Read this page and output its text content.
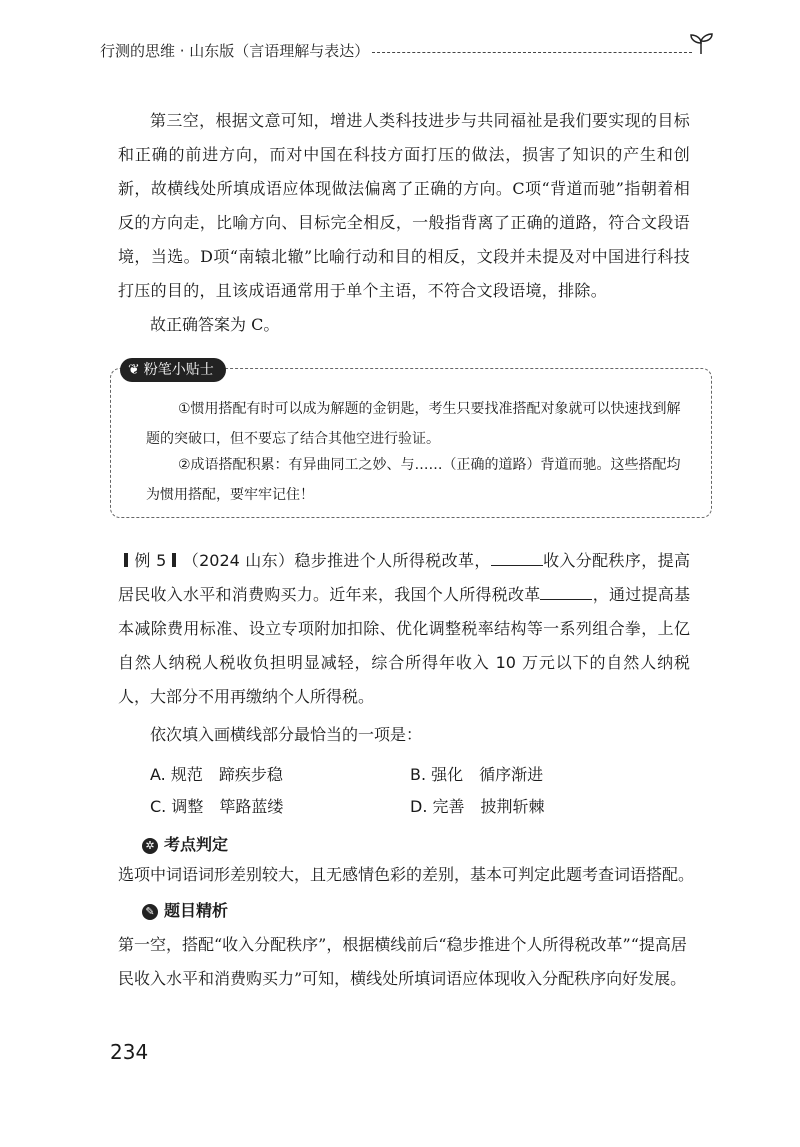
行测的思维 · 山东版（言语理解与表达）
第三空，根据文意可知，增进人类科技进步与共同福祉是我们要实现的目标和正确的前进方向，而对中国在科技方面打压的做法，损害了知识的产生和创新，故横线处所填成语应体现做法偏离了正确的方向。C项“背道而驰”指朝着相反的方向走，比喻方向、目标完全相反，一般指背离了正确的道路，符合文段语境，当选。D项“南辕北辙”比喻行动和目的相反，文段并未提及对中国进行科技打压的目的，且该成语通常用于单个主语，不符合文段语境，排除。
故正确答案为 C。
❦ 粉笔小贴士
①惯用搭配有时可以成为解题的金钥匙，考生只要找准搭配对象就可以快速找到解题的突破口，但不要忘了结合其他空进行验证。
②成语搭配积累：有异曲同工之妙、与……（正确的道路）背道而驰。这些搭配均为惯用搭配，要牢牢记住！
例 5 （2024 山东）稳步推进个人所得税改革，	收入分配秩序，提高居民收入水平和消费购买力。近年来，我国个人所得税改革	，通过提高基本减除费用标准、设立专项附加扣除、优化调整税率结构等一系列组合拳，上亿自然人纳税人税收负担明显减轻，综合所得年收入 10 万元以下的自然人纳税人，大部分不用再缴纳个人所得税。
依次填入画横线部分最恰当的一项是：
A. 规范　蹄疾步稳	B. 强化　循序渐进
C. 调整　筚路蓝缕	D. 完善　披荆斩棘
✲ 考点判定
选项中词语词形差别较大，且无感情色彩的差别，基本可判定此题考查词语搭配。
✎ 题目精析
第一空，搭配“收入分配秩序”，根据横线前后“稳步推进个人所得税改革”“提高居民收入水平和消费购买力”可知，横线处所填词语应体现收入分配秩序向好发展。
234
